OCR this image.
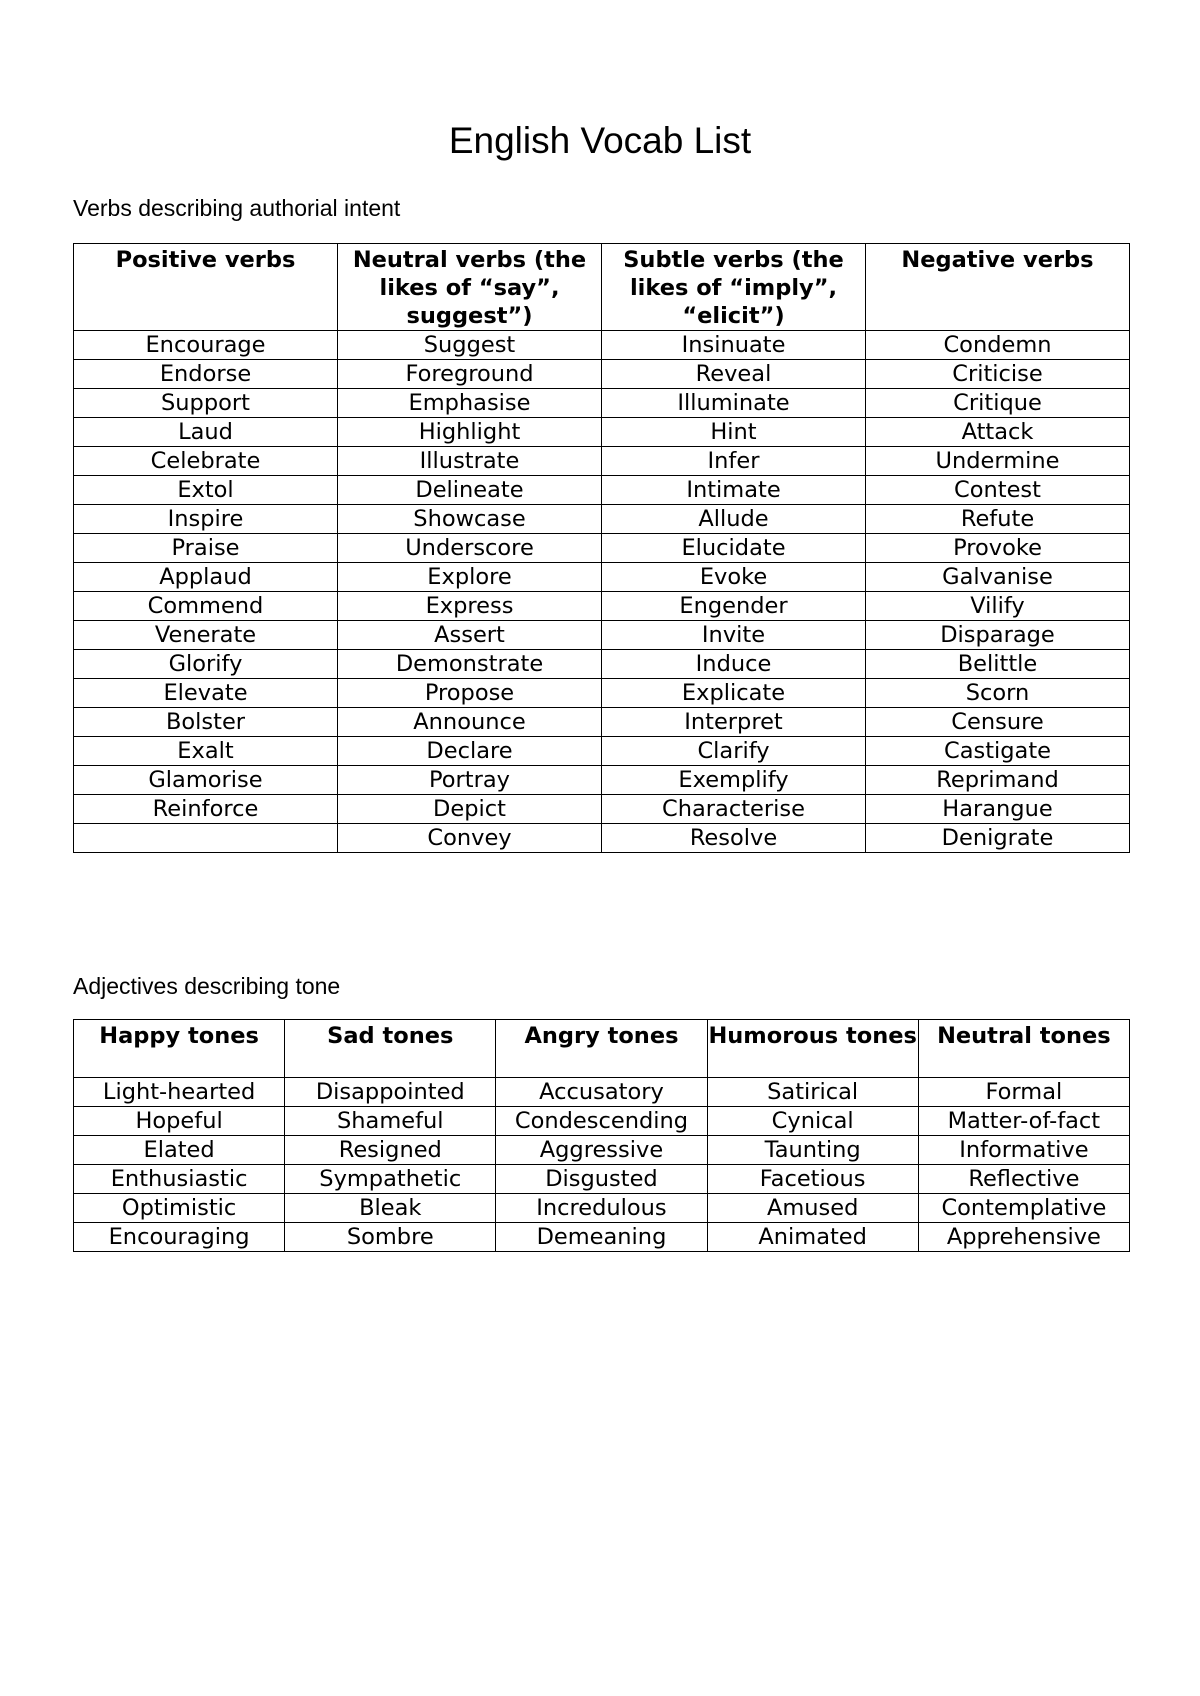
English Vocab List
Verbs describing authorial intent
Positive verbs	Neutral verbs (the likes of “say”, suggest”)	Subtle verbs (the likes of “imply”, “elicit”)	Negative verbs
Encourage	Suggest	Insinuate	Condemn
Endorse	Foreground	Reveal	Criticise
Support	Emphasise	Illuminate	Critique
Laud	Highlight	Hint	Attack
Celebrate	Illustrate	Infer	Undermine
Extol	Delineate	Intimate	Contest
Inspire	Showcase	Allude	Refute
Praise	Underscore	Elucidate	Provoke
Applaud	Explore	Evoke	Galvanise
Commend	Express	Engender	Vilify
Venerate	Assert	Invite	Disparage
Glorify	Demonstrate	Induce	Belittle
Elevate	Propose	Explicate	Scorn
Bolster	Announce	Interpret	Censure
Exalt	Declare	Clarify	Castigate
Glamorise	Portray	Exemplify	Reprimand
Reinforce	Depict	Characterise	Harangue
	Convey	Resolve	Denigrate
Adjectives describing tone
Happy tones	Sad tones	Angry tones	Humorous tones	Neutral tones
Light-hearted	Disappointed	Accusatory	Satirical	Formal
Hopeful	Shameful	Condescending	Cynical	Matter-of-fact
Elated	Resigned	Aggressive	Taunting	Informative
Enthusiastic	Sympathetic	Disgusted	Facetious	Reflective
Optimistic	Bleak	Incredulous	Amused	Contemplative
Encouraging	Sombre	Demeaning	Animated	Apprehensive
